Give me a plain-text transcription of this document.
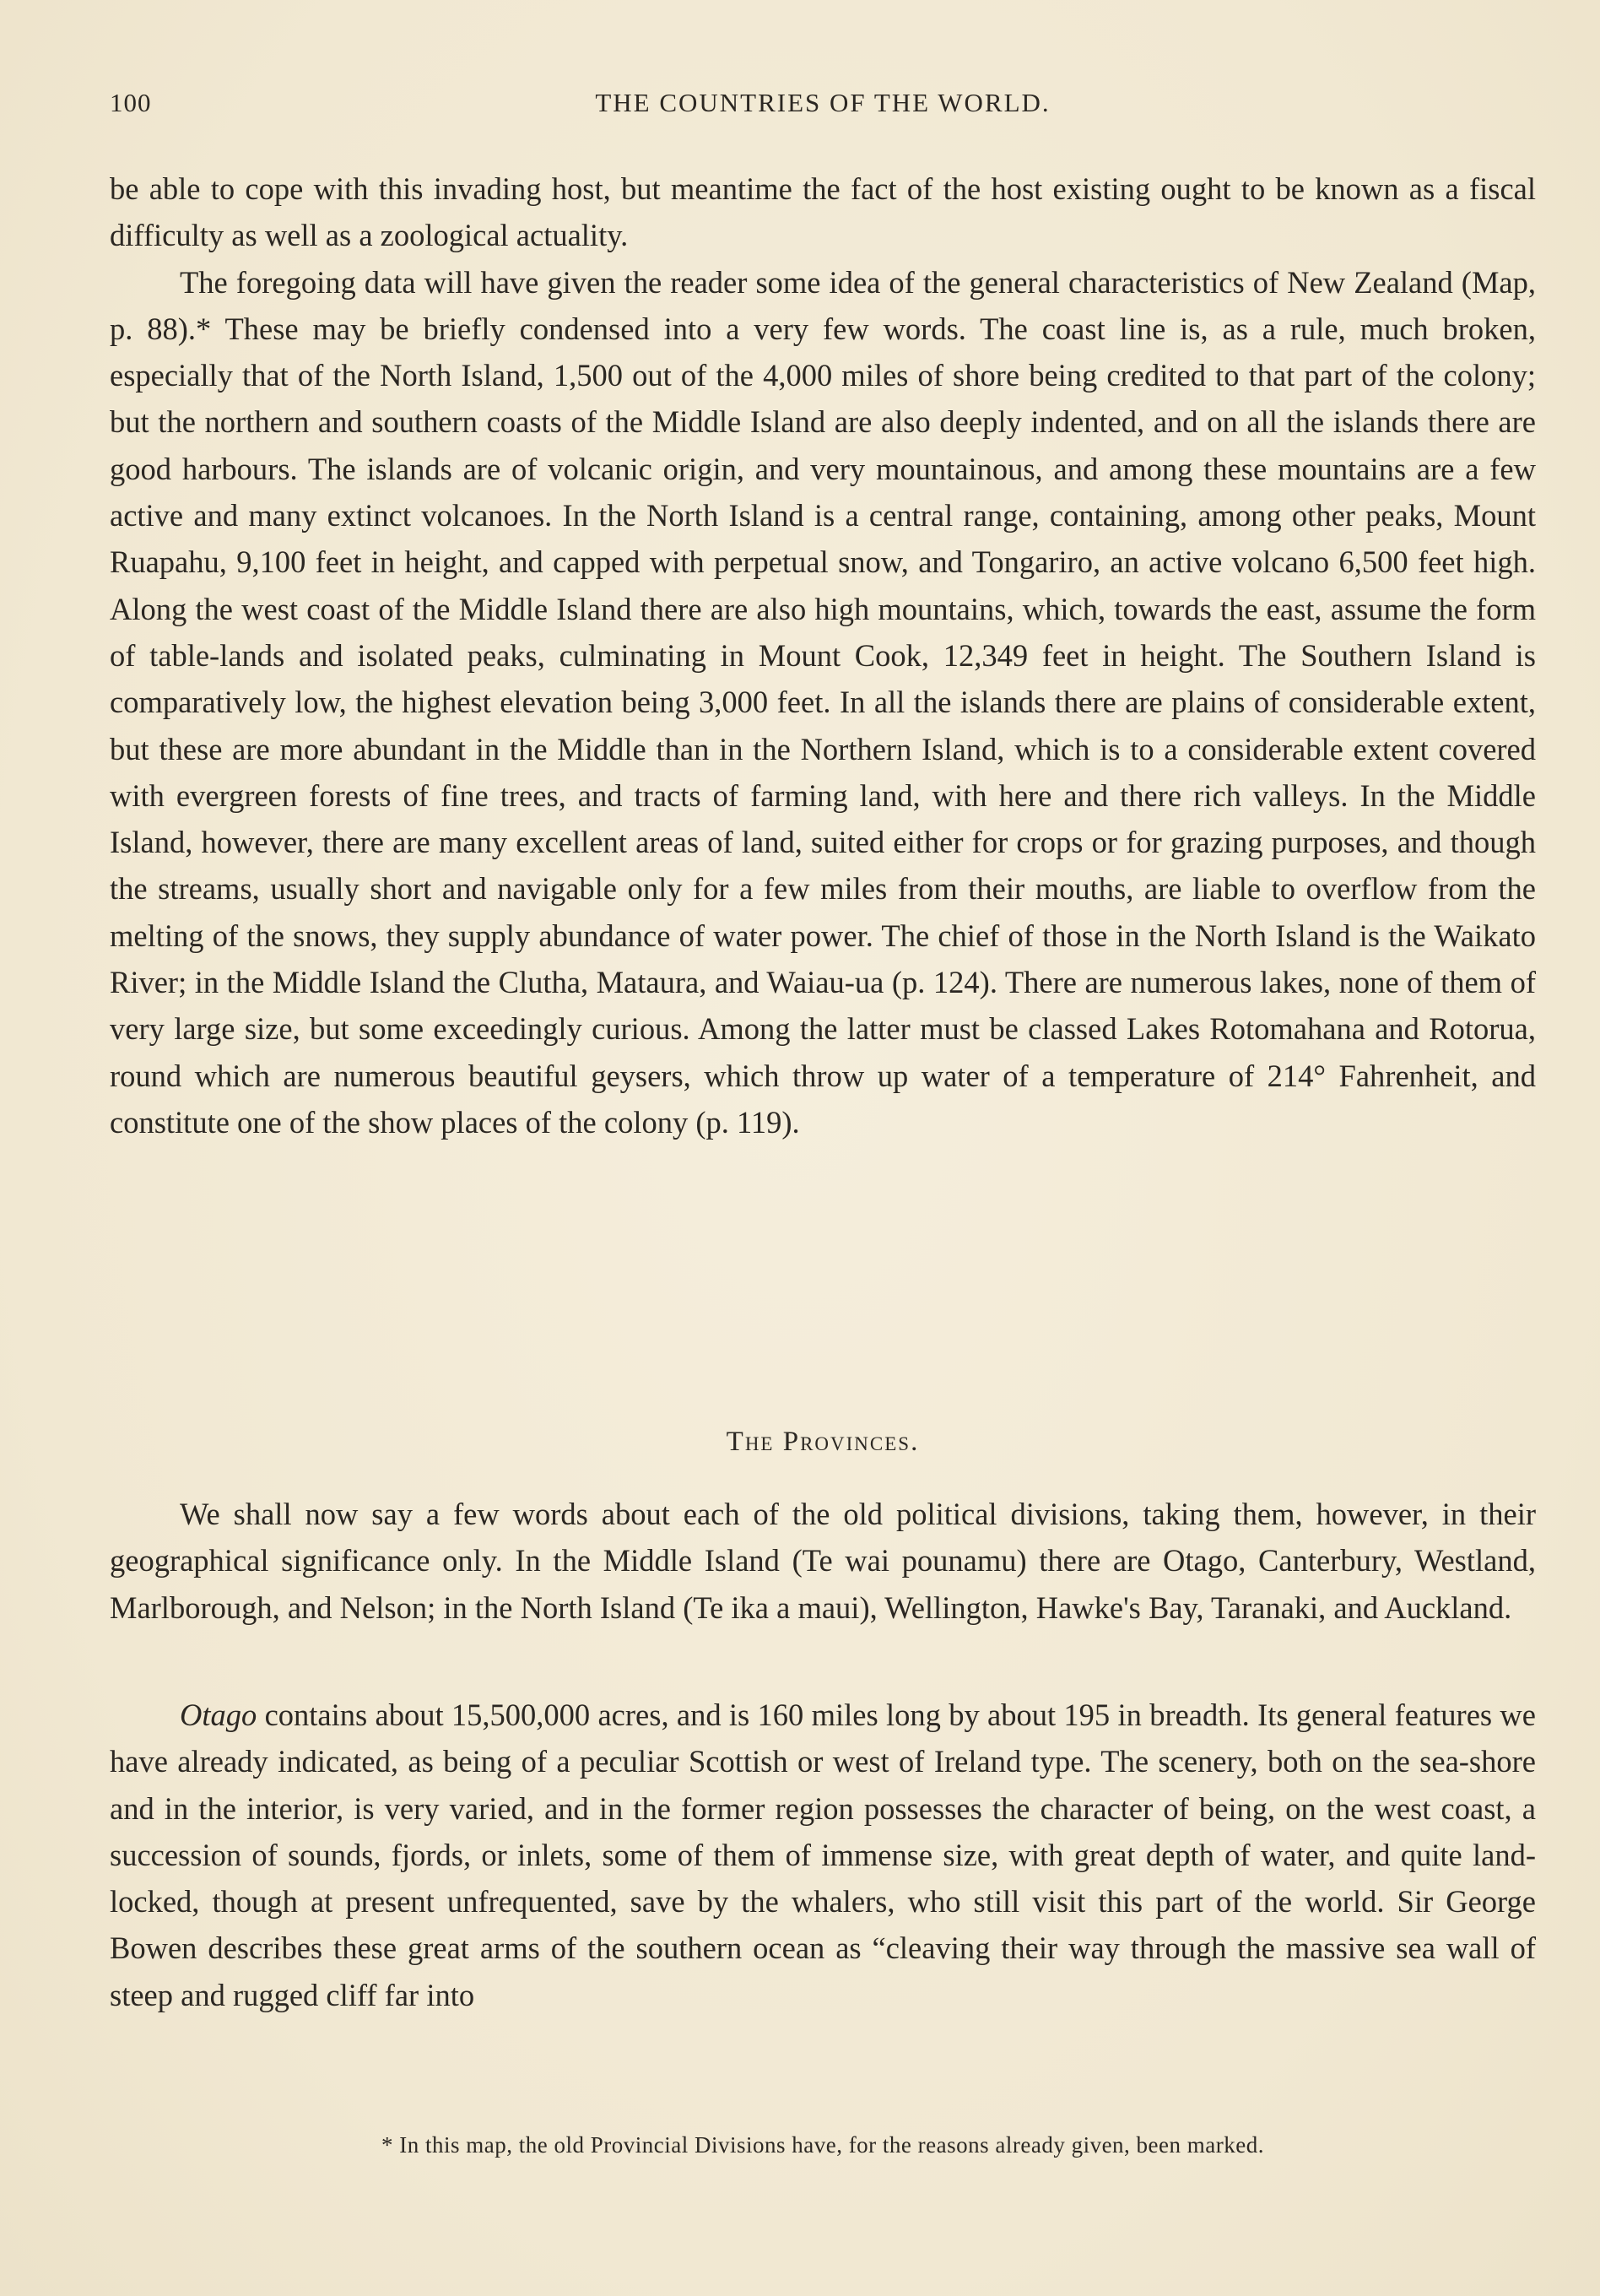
100	THE COUNTRIES OF THE WORLD.

be able to cope with this invading host, but meantime the fact of the host existing ought to be known as a fiscal difficulty as well as a zoological actuality.

The foregoing data will have given the reader some idea of the general characteristics of New Zealand (Map, p. 88).* These may be briefly condensed into a very few words. The coast line is, as a rule, much broken, especially that of the North Island, 1,500 out of the 4,000 miles of shore being credited to that part of the colony; but the northern and southern coasts of the Middle Island are also deeply indented, and on all the islands there are good harbours. The islands are of volcanic origin, and very mountainous, and among these mountains are a few active and many extinct volcanoes. In the North Island is a central range, containing, among other peaks, Mount Ruapahu, 9,100 feet in height, and capped with perpetual snow, and Tongariro, an active volcano 6,500 feet high. Along the west coast of the Middle Island there are also high mountains, which, towards the east, assume the form of table-lands and isolated peaks, culminating in Mount Cook, 12,349 feet in height. The Southern Island is comparatively low, the highest elevation being 3,000 feet. In all the islands there are plains of considerable extent, but these are more abundant in the Middle than in the Northern Island, which is to a considerable extent covered with evergreen forests of fine trees, and tracts of farming land, with here and there rich valleys. In the Middle Island, however, there are many excellent areas of land, suited either for crops or for grazing purposes, and though the streams, usually short and navigable only for a few miles from their mouths, are liable to overflow from the melting of the snows, they supply abundance of water power. The chief of those in the North Island is the Waikato River; in the Middle Island the Clutha, Mataura, and Waiau-ua (p. 124). There are numerous lakes, none of them of very large size, but some exceedingly curious. Among the latter must be classed Lakes Rotomahana and Rotorua, round which are numerous beautiful geysers, which throw up water of a temperature of 214° Fahrenheit, and constitute one of the show places of the colony (p. 119).

The Provinces.

We shall now say a few words about each of the old political divisions, taking them, however, in their geographical significance only. In the Middle Island (Te wai pounamu) there are Otago, Canterbury, Westland, Marlborough, and Nelson; in the North Island (Te ika a maui), Wellington, Hawke's Bay, Taranaki, and Auckland.

Otago contains about 15,500,000 acres, and is 160 miles long by about 195 in breadth. Its general features we have already indicated, as being of a peculiar Scottish or west of Ireland type. The scenery, both on the sea-shore and in the interior, is very varied, and in the former region possesses the character of being, on the west coast, a succession of sounds, fjords, or inlets, some of them of immense size, with great depth of water, and quite land-locked, though at present unfrequented, save by the whalers, who still visit this part of the world. Sir George Bowen describes these great arms of the southern ocean as “cleaving their way through the massive sea wall of steep and rugged cliff far into

* In this map, the old Provincial Divisions have, for the reasons already given, been marked.
